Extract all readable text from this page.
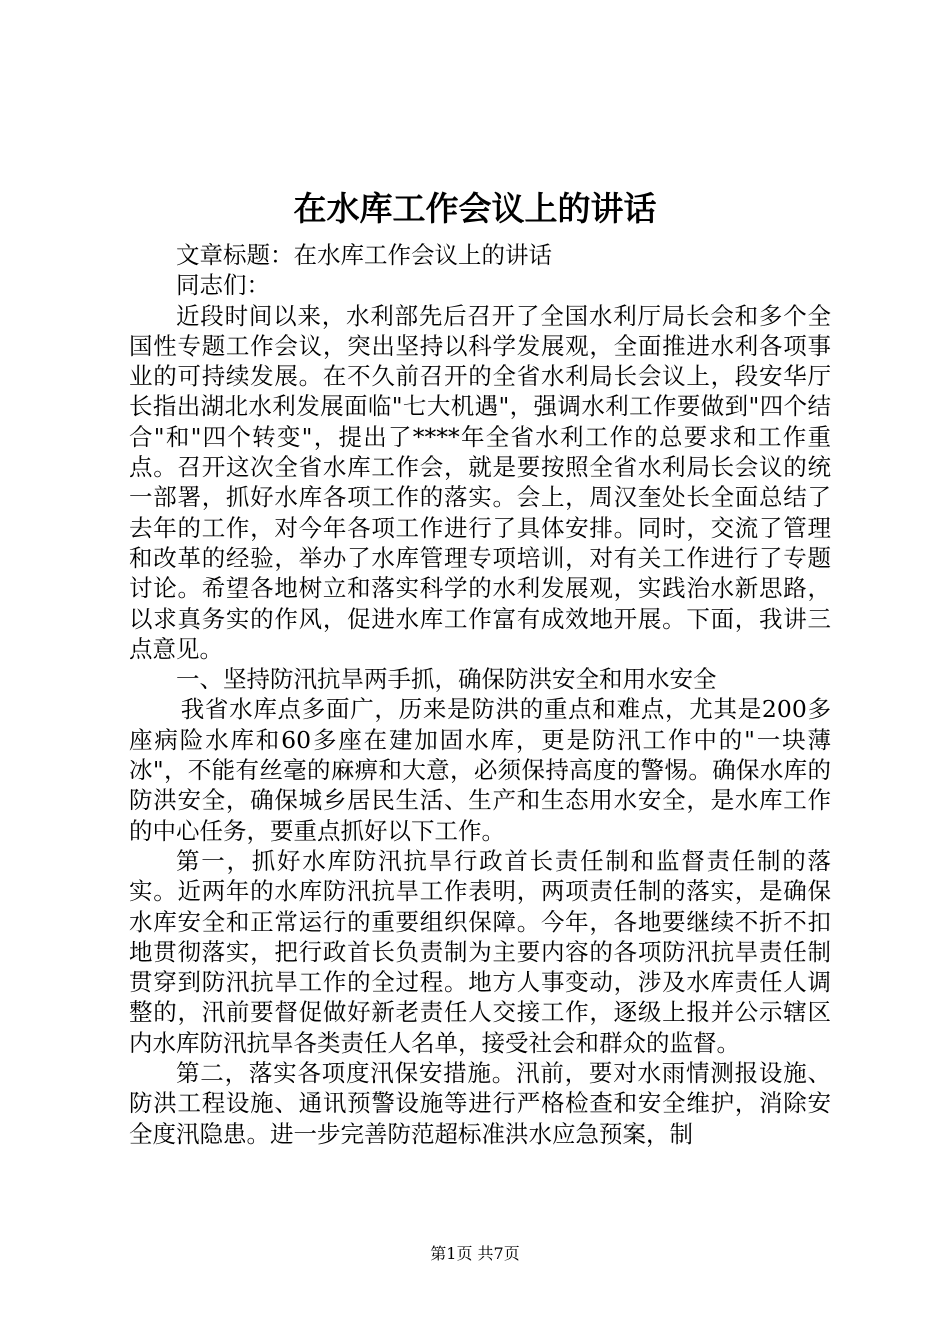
在水库工作会议上的讲话

文章标题：在水库工作会议上的讲话

同志们：

近段时间以来，水利部先后召开了全国水利厅局长会和多个全国性专题工作会议，突出坚持以科学发展观，全面推进水利各项事业的可持续发展。在不久前召开的全省水利局长会议上，段安华厅长指出湖北水利发展面临"七大机遇"，强调水利工作要做到"四个结合"和"四个转变"，提出了****年全省水利工作的总要求和工作重点。召开这次全省水库工作会，就是要按照全省水利局长会议的统一部署，抓好水库各项工作的落实。会上，周汉奎处长全面总结了去年的工作，对今年各项工作进行了具体安排。同时，交流了管理和改革的经验，举办了水库管理专项培训，对有关工作进行了专题讨论。希望各地树立和落实科学的水利发展观，实践治水新思路，以求真务实的作风，促进水库工作富有成效地开展。下面，我讲三点意见。

一、坚持防汛抗旱两手抓，确保防洪安全和用水安全

我省水库点多面广，历来是防洪的重点和难点，尤其是200多座病险水库和60多座在建加固水库，更是防汛工作中的"一块薄冰"，不能有丝毫的麻痹和大意，必须保持高度的警惕。确保水库的防洪安全，确保城乡居民生活、生产和生态用水安全，是水库工作的中心任务，要重点抓好以下工作。

第一，抓好水库防汛抗旱行政首长责任制和监督责任制的落实。近两年的水库防汛抗旱工作表明，两项责任制的落实，是确保水库安全和正常运行的重要组织保障。今年，各地要继续不折不扣地贯彻落实，把行政首长负责制为主要内容的各项防汛抗旱责任制贯穿到防汛抗旱工作的全过程。地方人事变动，涉及水库责任人调整的，汛前要督促做好新老责任人交接工作，逐级上报并公示辖区内水库防汛抗旱各类责任人名单，接受社会和群众的监督。

第二，落实各项度汛保安措施。汛前，要对水雨情测报设施、防洪工程设施、通讯预警设施等进行严格检查和安全维护，消除安全度汛隐患。进一步完善防范超标准洪水应急预案，制

第1页 共7页
